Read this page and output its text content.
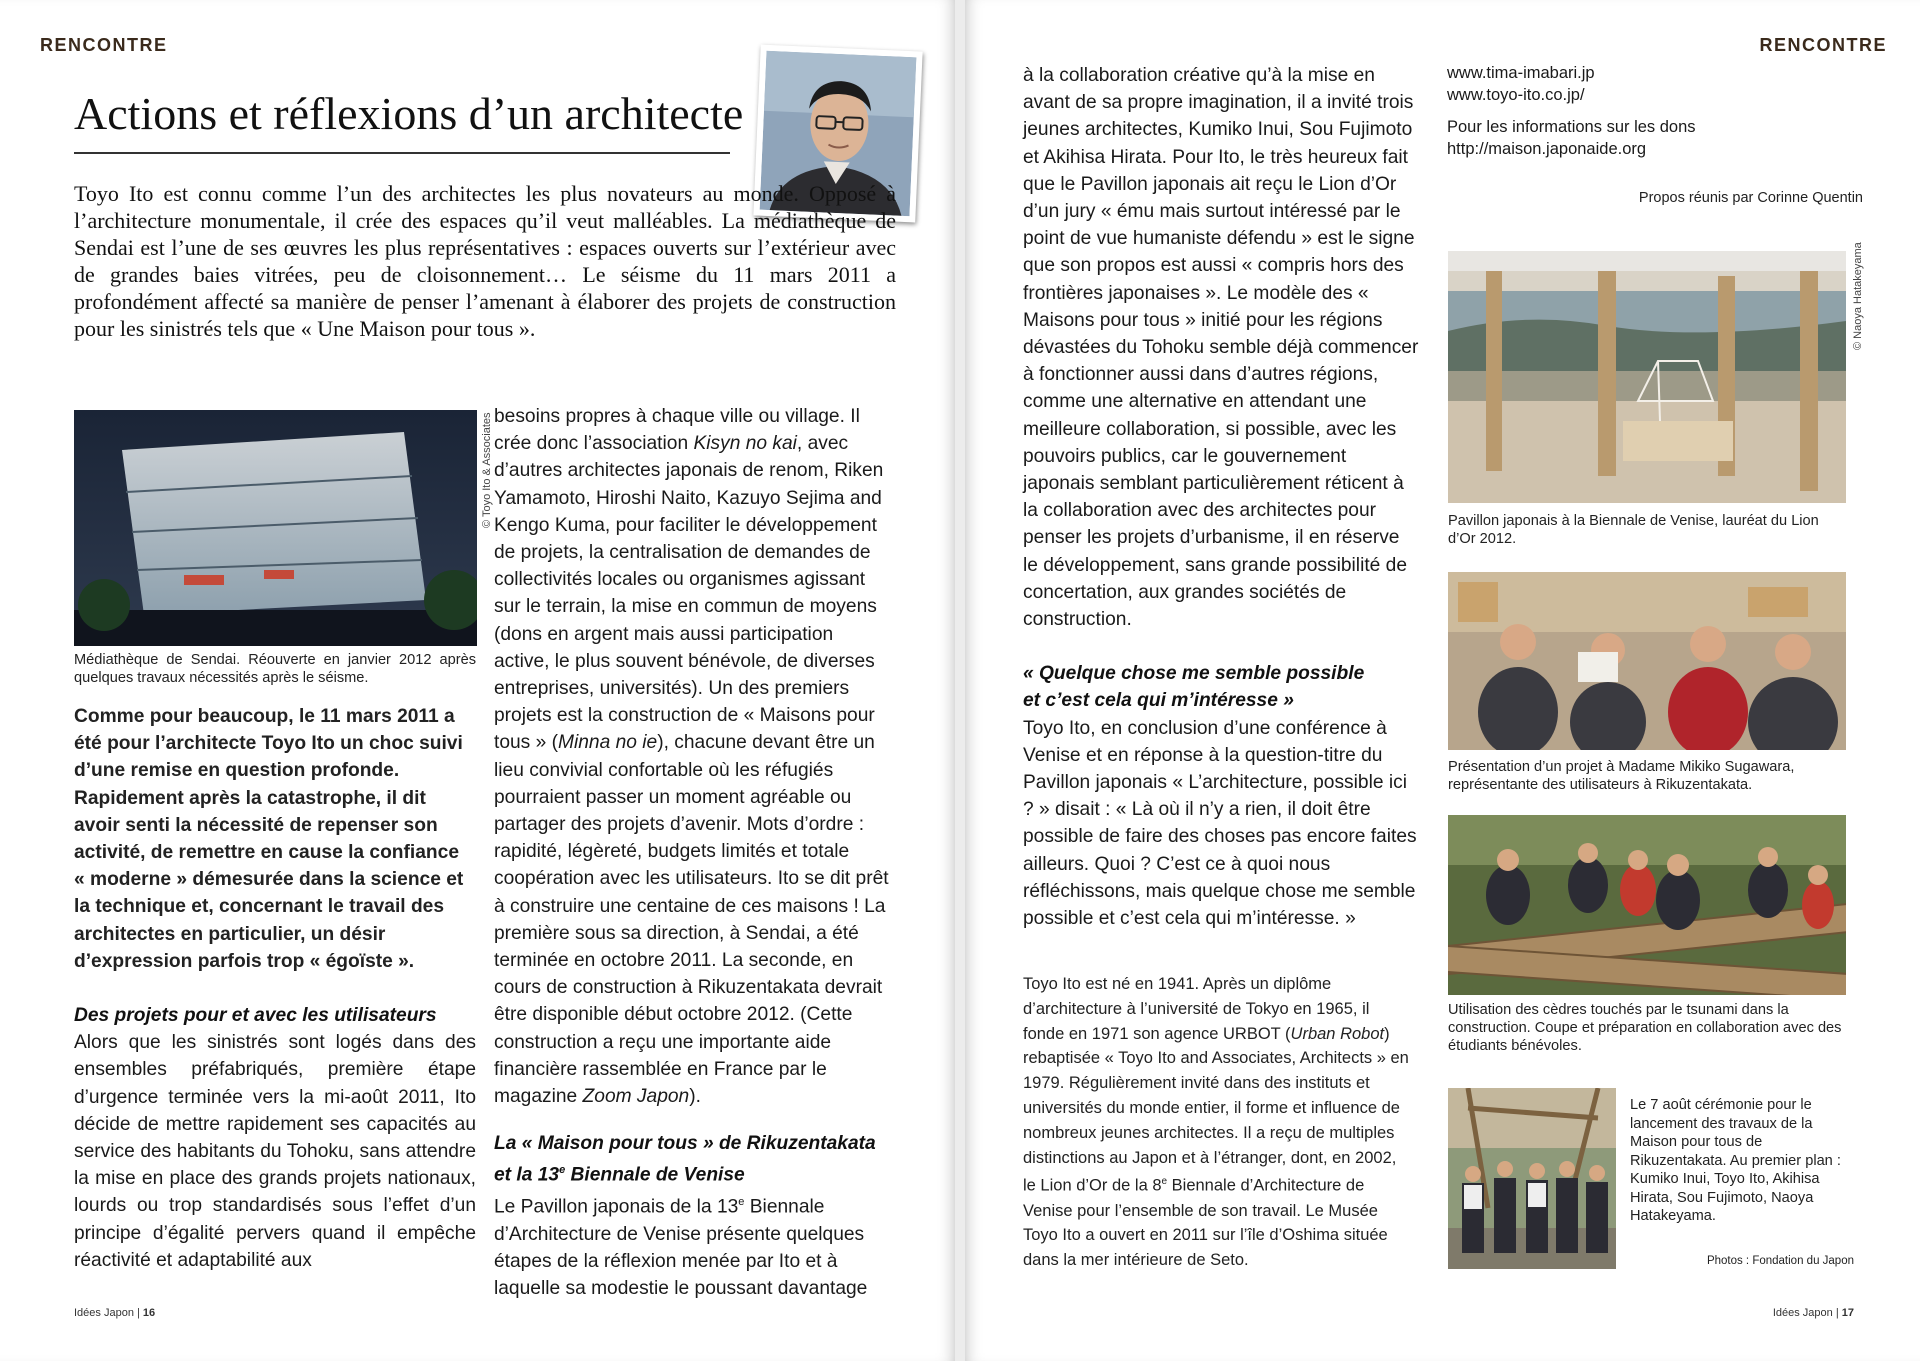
RENCONTRE
Actions et réflexions d’un architecte
Toyo Ito est connu comme l’un des architectes les plus novateurs au monde. Opposé à l’architecture monumentale, il crée des espaces qu’il veut malléables. La médiathèque de Sendai est l’une de ses œuvres les plus représentatives : espaces ouverts sur l’extérieur avec de grandes baies vitrées, peu de cloisonnement… Le séisme du 11 mars 2011 a profondément affecté sa manière de penser l’amenant à élaborer des projets de construction pour les sinistrés tels que « Une Maison pour tous ».
© Toyo Ito & Associates
Médiathèque de Sendai. Réouverte en janvier 2012 après quelques travaux nécessités après le séisme.

Comme pour beaucoup, le 11 mars 2011 a été pour l’architecte Toyo Ito un choc suivi d’une remise en question profonde. Rapidement après la catastrophe, il dit avoir senti la nécessité de repenser son activité, de remettre en cause la confiance « moderne » démesurée dans la science et la technique et, concernant le travail des architectes en particulier, un désir d’expression parfois trop « égoïste ».

Des projets pour et avec les utilisateurs

Alors que les sinistrés sont logés dans des ensembles préfabriqués, première étape d’urgence terminée vers la mi-août 2011, Ito décide de mettre rapidement ses capacités au service des habitants du Tohoku, sans attendre la mise en place des grands projets nationaux, lourds ou trop standardisés sous l’effet d’un principe d’égalité pervers quand il empêche réactivité et adaptabilité aux

besoins propres à chaque ville ou village. Il crée donc l’association Kisyn no kai, avec d’autres architectes japonais de renom, Riken Yamamoto, Hiroshi Naito, Kazuyo Sejima and Kengo Kuma, pour faciliter le développement de projets, la centralisation de demandes de collectivités locales ou organismes agissant sur le terrain, la mise en commun de moyens (dons en argent mais aussi participation active, le plus souvent bénévole, de diverses entreprises, universités). Un des premiers projets est la construction de « Maisons pour tous » (Minna no ie), chacune devant être un lieu convivial confortable où les réfugiés pourraient passer un moment agréable ou partager des projets d’avenir. Mots d’ordre : rapidité, légèreté, budgets limités et totale coopération avec les utilisateurs. Ito se dit prêt à construire une centaine de ces maisons ! La première sous sa direction, à Sendai, a été terminée en octobre 2011. La seconde, en cours de construction à Rikuzentakata devrait être disponible début octobre 2012. (Cette construction a reçu une importante aide financière rassemblée en France par le magazine Zoom Japon).

La « Maison pour tous » de Rikuzentakata
et la 13e Biennale de Venise

Le Pavillon japonais de la 13e Biennale d’Architecture de Venise présente quelques étapes de la réflexion menée par Ito et à laquelle sa modestie le poussant davantage

Idées Japon | 16
RENCONTRE

à la collaboration créative qu’à la mise en avant de sa propre imagination, il a invité trois jeunes architectes, Kumiko Inui, Sou Fujimoto et Akihisa Hirata. Pour Ito, le très heureux fait que le Pavillon japonais ait reçu le Lion d’Or d’un jury « ému mais surtout intéressé par le point de vue humaniste défendu » est le signe que son propos est aussi « compris hors des frontières japonaises ». Le modèle des « Maisons pour tous » initié pour les régions dévastées du Tohoku semble déjà commencer à fonctionner aussi dans d’autres régions, comme une alternative en attendant une meilleure collaboration, si possible, avec les pouvoirs publics, car le gouvernement japonais semblant particulièrement réticent à la collaboration avec des architectes pour penser les projets d’urbanisme, il en réserve le développement, sans grande possibilité de concertation, aux grandes sociétés de construction.

« Quelque chose me semble possible
et c’est cela qui m’intéresse »

Toyo Ito, en conclusion d’une conférence à Venise et en réponse à la question-titre du Pavillon japonais « L’architecture, possible ici ? » disait : « Là où il n’y a rien, il doit être possible de faire des choses pas encore faites ailleurs. Quoi ? C’est ce à quoi nous réfléchissons, mais quelque chose me semble possible et c’est cela qui m’intéresse. »

Toyo Ito est né en 1941. Après un diplôme d’architecture à l’université de Tokyo en 1965, il fonde en 1971 son agence URBOT (Urban Robot) rebaptisée « Toyo Ito and Associates, Architects » en 1979. Régulièrement invité dans des instituts et universités du monde entier, il forme et influence de nombreux jeunes architectes. Il a reçu de multiples distinctions au Japon et à l’étranger, dont, en 2002, le Lion d’Or de la 8e Biennale d’Architecture de Venise pour l’ensemble de son travail. Le Musée Toyo Ito a ouvert en 2011 sur l’île d’Oshima située dans la mer intérieure de Seto.
www.tima-imabari.jp
www.toyo-ito.co.jp/
Pour les informations sur les dons
http://maison.japonaide.org
Propos réunis par Corinne Quentin
© Naoya Hatakeyama
Pavillon japonais à la Biennale de Venise, lauréat du Lion d’Or 2012.
Présentation d’un projet à Madame Mikiko Sugawara, représentante des utilisateurs à Rikuzentakata.
Utilisation des cèdres touchés par le tsunami dans la construction. Coupe et préparation en collaboration avec des étudiants bénévoles.
Le 7 août cérémonie pour le lancement des travaux de la Maison pour tous de Rikuzentakata. Au premier plan : Kumiko Inui, Toyo Ito, Akihisa Hirata, Sou Fujimoto, Naoya Hatakeyama.
Photos : Fondation du Japon
Idées Japon | 17
